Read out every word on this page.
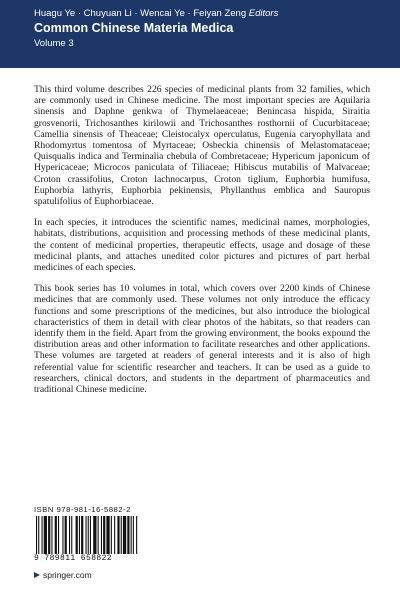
Huagu Ye · Chuyuan Li · Wencai Ye · Feiyan Zeng Editors
Common Chinese Materia Medica
Volume 3

This third volume describes 226 species of medicinal plants from 32 families, which are commonly used in Chinese medicine. The most important species are Aquilaria sinensis and Daphne genkwa of Thymelaeaceae; Benincasa hispida, Siraitia grosvenorii, Trichosanthes kirilowii and Trichosanthes rosthornii of Cucurbitaceae; Camellia sinensis of Theaceae; Cleistocalyx operculatus, Eugenia caryophyllata and Rhodomyrtus tomentosa of Myrtaceae; Osbeckia chinensis of Melastomataceae; Quisqualis indica and Terminalia chebula of Combretaceae; Hypericum japonicum of Hypericaceae; Microcos paniculata of Tiliaceae; Hibiscus mutabilis of Malvaceae; Croton crassifolius, Croton lachnocarpus, Croton tiglium, Euphorbia humifusa, Euphorbia lathyris, Euphorbia pekinensis, Phyllanthus emblica and Sauropus spatulifolius of Euphorbiaceae.

In each species, it introduces the scientific names, medicinal names, morphologies, habitats, distributions, acquisition and processing methods of these medicinal plants, the content of medicinal properties, therapeutic effects, usage and dosage of these medicinal plants, and attaches unedited color pictures and pictures of part herbal medicines of each species.

This book series has 10 volumes in total, which covers over 2200 kinds of Chinese medicines that are commonly used. These volumes not only introduce the efficacy functions and some prescriptions of the medicines, but also introduce the biological characteristics of them in detail with clear photos of the habitats, so that readers can identify them in the field. Apart from the growing environment, the books expound the distribution areas and other information to facilitate researches and other applications. These volumes are targeted at readers of general interests and it is also of high referential value for scientific researcher and teachers. It can be used as a guide to researchers, clinical doctors, and students in the department of pharmaceutics and traditional Chinese medicine.

ISBN 978-981-16-5882-2
9 789811 658822
springer.com
